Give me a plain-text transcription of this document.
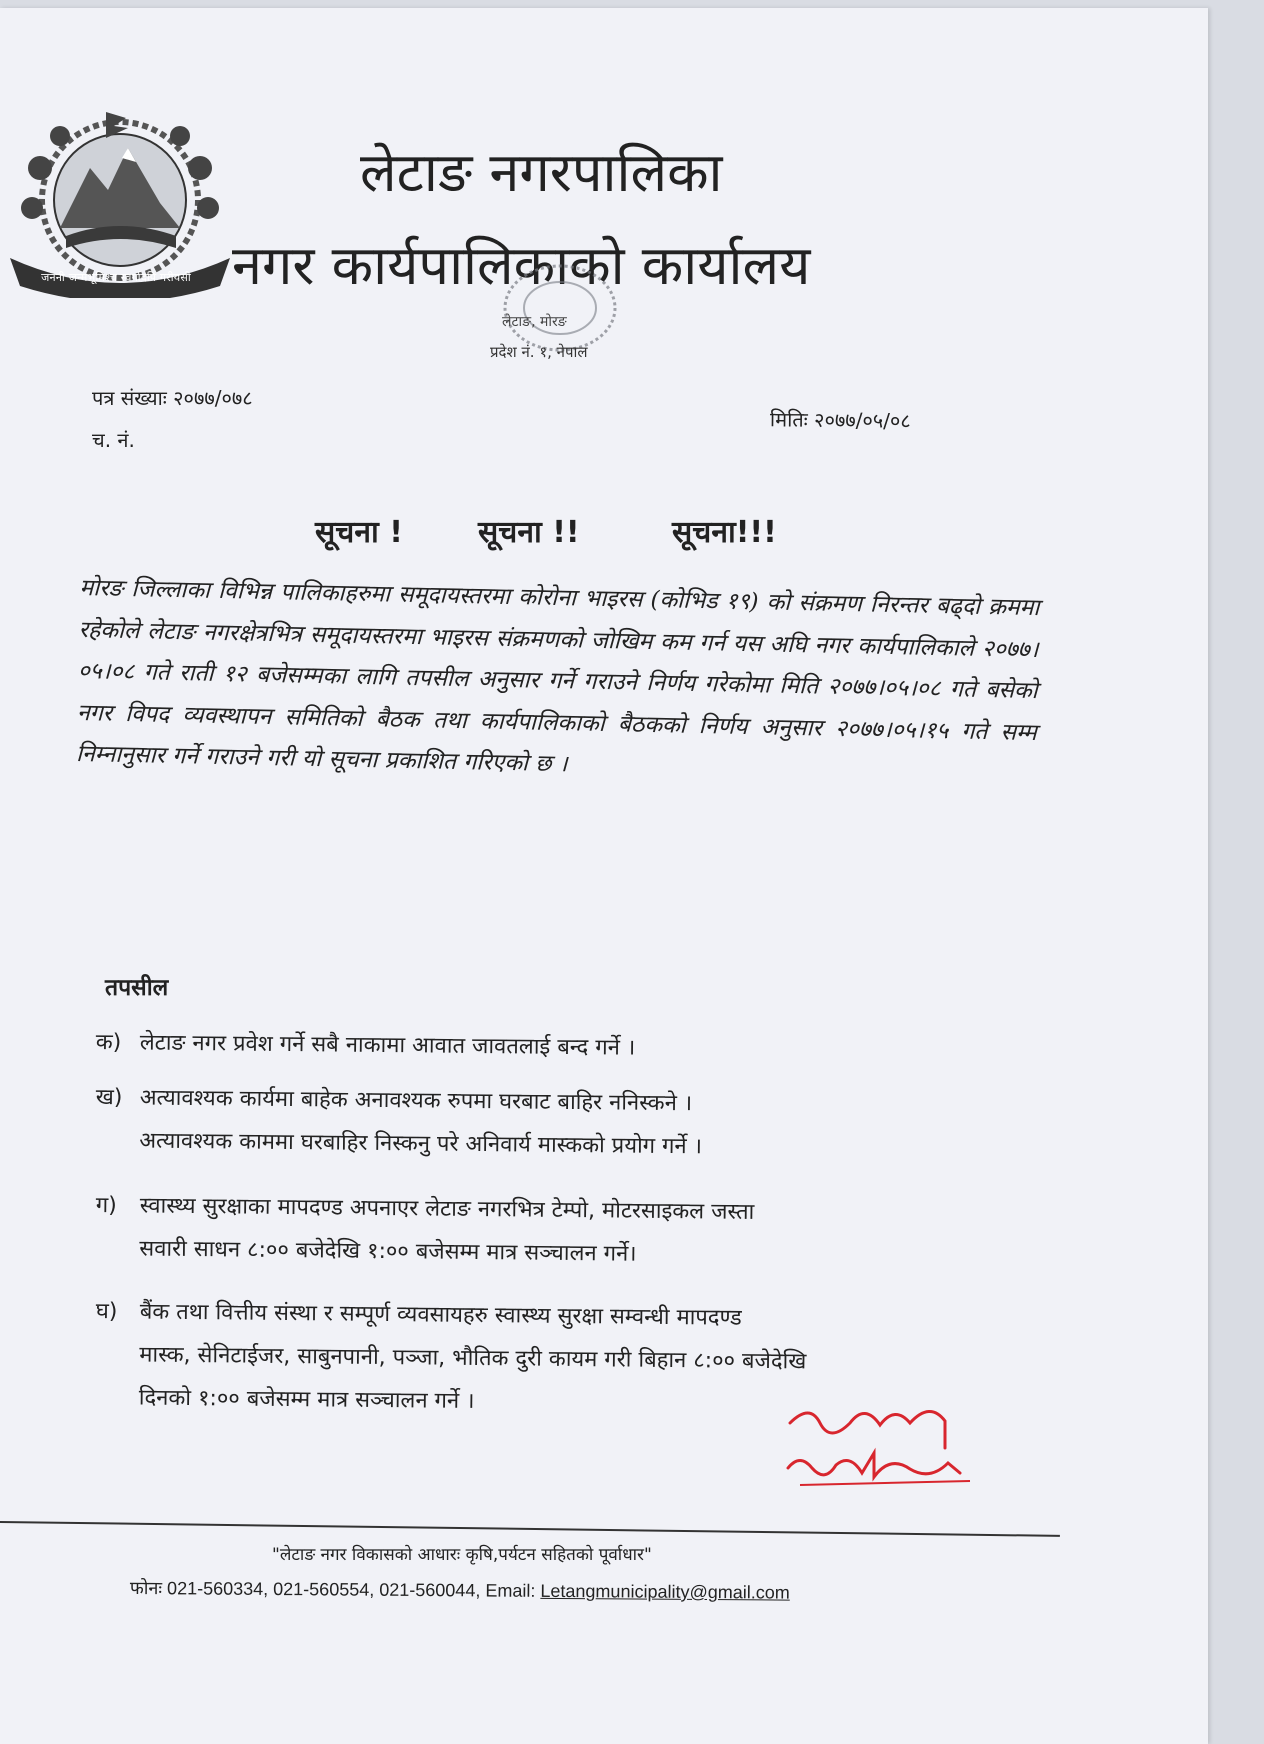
जननी जन्मभूमिश्च स्वर्गादपि गरीयसी
लेटाङ नगरपालिका
नगर कार्यपालिकाको कार्यालय
लेटाङ, मोरङ
प्रदेश नं. १, नेपाल
पत्र संख्याः २०७७/०७८
च. नं.
मितिः २०७७/०५/०८
सूचना !	सूचना !!	सूचना!!!
मोरङ जिल्लाका विभिन्न पालिकाहरुमा समूदायस्तरमा कोरोना भाइरस (कोभिड १९) को संक्रमण निरन्तर बढ्दो क्रममा रहेकोले लेटाङ नगरक्षेत्रभित्र समूदायस्तरमा भाइरस संक्रमणको जोखिम कम गर्न यस अघि नगर कार्यपालिकाले २०७७।०५।०८ गते राती १२ बजेसम्मका लागि तपसील अनुसार गर्ने गराउने निर्णय गरेकोमा मिति २०७७।०५।०८ गते बसेको नगर विपद व्यवस्थापन समितिको बैठक तथा कार्यपालिकाको बैठकको निर्णय अनुसार २०७७।०५।१५ गते सम्म निम्नानुसार गर्ने गराउने गरी यो सूचना प्रकाशित गरिएको छ ।
तपसील
क) लेटाङ नगर प्रवेश गर्ने सबै नाकामा आवात जावतलाई बन्द गर्ने ।
ख) अत्यावश्यक कार्यमा बाहेक अनावश्यक रुपमा घरबाट बाहिर ननिस्कने ।
अत्यावश्यक काममा घरबाहिर निस्कनु परे अनिवार्य मास्कको प्रयोग गर्ने ।
ग) स्वास्थ्य सुरक्षाका मापदण्ड अपनाएर लेटाङ नगरभित्र टेम्पो, मोटरसाइकल जस्ता
सवारी साधन ८:०० बजेदेखि १:०० बजेसम्म मात्र सञ्चालन गर्ने।
घ) बैंक तथा वित्तीय संस्था र सम्पूर्ण व्यवसायहरु स्वास्थ्य सुरक्षा सम्वन्धी मापदण्ड
मास्क, सेनिटाईजर, साबुनपानी, पञ्जा, भौतिक दुरी कायम गरी बिहान ८:०० बजेदेखि
दिनको १:०० बजेसम्म मात्र सञ्चालन गर्ने ।
"लेटाङ नगर विकासको आधारः कृषि,पर्यटन सहितको पूर्वाधार"
फोनः 021-560334, 021-560554, 021-560044, Email: Letangmunicipality@gmail.com
